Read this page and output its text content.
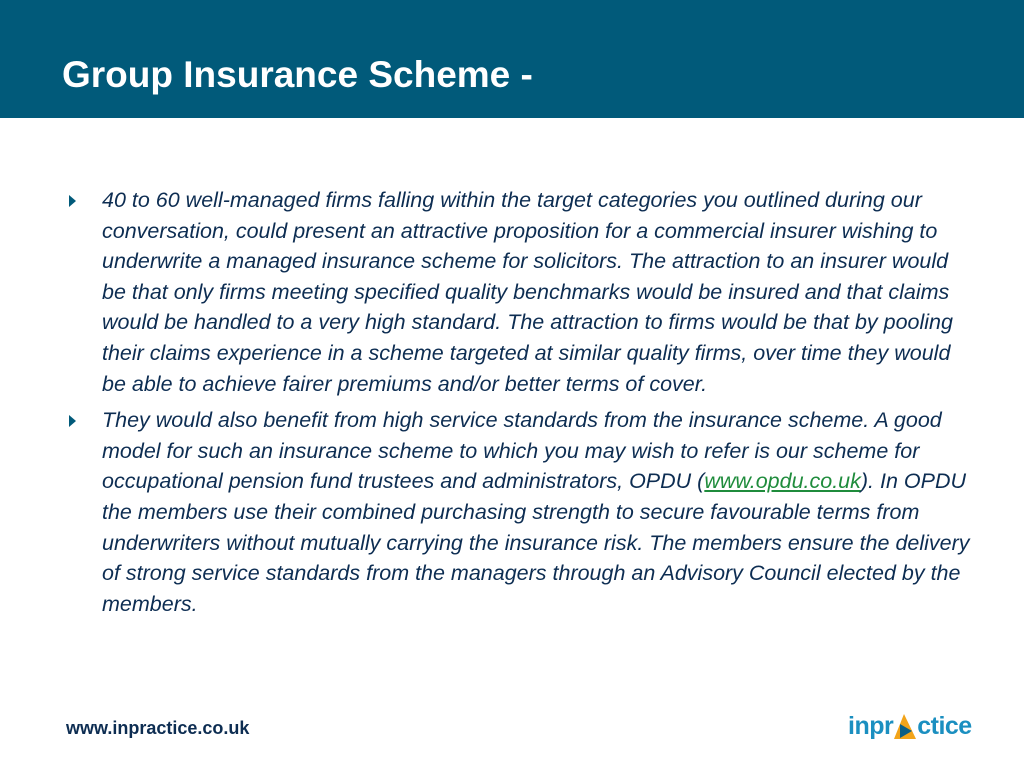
Group Insurance Scheme -
40 to 60 well-managed firms falling within the target categories you outlined during our conversation, could present an attractive proposition for a commercial insurer wishing to underwrite a managed insurance scheme for solicitors. The attraction to an insurer would be that only firms meeting specified quality benchmarks would be insured and that claims would be handled to a very high standard. The attraction to firms would be that by pooling their claims experience in a scheme targeted at similar quality firms, over time they would be able to achieve fairer premiums and/or better terms of cover.
They would also benefit from high service standards from the insurance scheme. A good model for such an insurance scheme to which you may wish to refer is our scheme for occupational pension fund trustees and administrators, OPDU (www.opdu.co.uk). In OPDU the members use their combined purchasing strength to secure favourable terms from underwriters without mutually carrying the insurance risk. The members ensure the delivery of strong service standards from the managers through an Advisory Council elected by the members.
www.inpractice.co.uk	inpr ctice
